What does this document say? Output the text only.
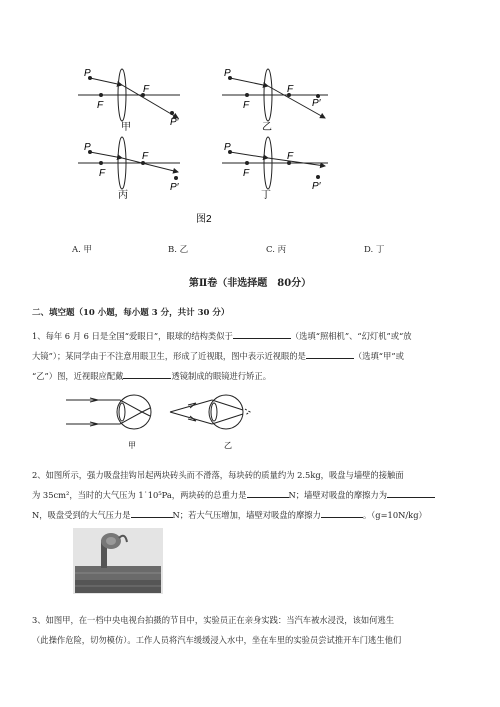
P
F
F
P′
甲
P
F
F
P′
乙
P
F
F
P′
丙
P
F
F
P′
丁
图2
A. 甲	B. 乙	C. 丙	D. 丁
第Ⅱ卷（非选择题　80分）
二、填空题（10 小题，每小题 3 分，共计 30 分）
1、每年 6 月 6 日是全国“爱眼日”，眼球的结构类似于	（选填“照相机”、“幻灯机”或“放
大镜”）；某同学由于不注意用眼卫生，形成了近视眼，图中表示近视眼的是	（选填“甲”或
“乙”）图，近视眼应配戴	透镜制成的眼镜进行矫正。
甲	乙
2、如图所示，强力吸盘挂钩吊起两块砖头而不滑落，每块砖的质量约为 2.5kg，吸盘与墙壁的接触面
为 35cm²，当时的大气压为 1˙10⁵Pa，两块砖的总重力是	N；墙壁对吸盘的摩擦力为
N，吸盘受到的大气压力是	N；若大气压增加，墙壁对吸盘的摩擦力	。（g=10N/kg）
3、如图甲，在一档中央电视台拍摄的节目中，实验员正在亲身实践：当汽车被水浸没，该如何逃生
（此操作危险，切勿模仿）。工作人员将汽车缓缓浸入水中，坐在车里的实验员尝试推开车门逃生他们
